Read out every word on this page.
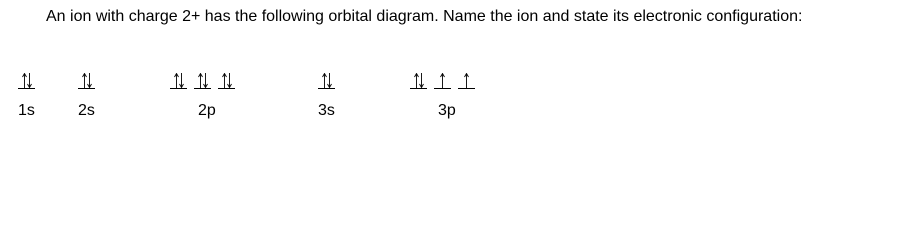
An ion with charge 2+ has the following orbital diagram. Name the ion and state its electronic configuration:

1s	2s	2p	3s	3p
